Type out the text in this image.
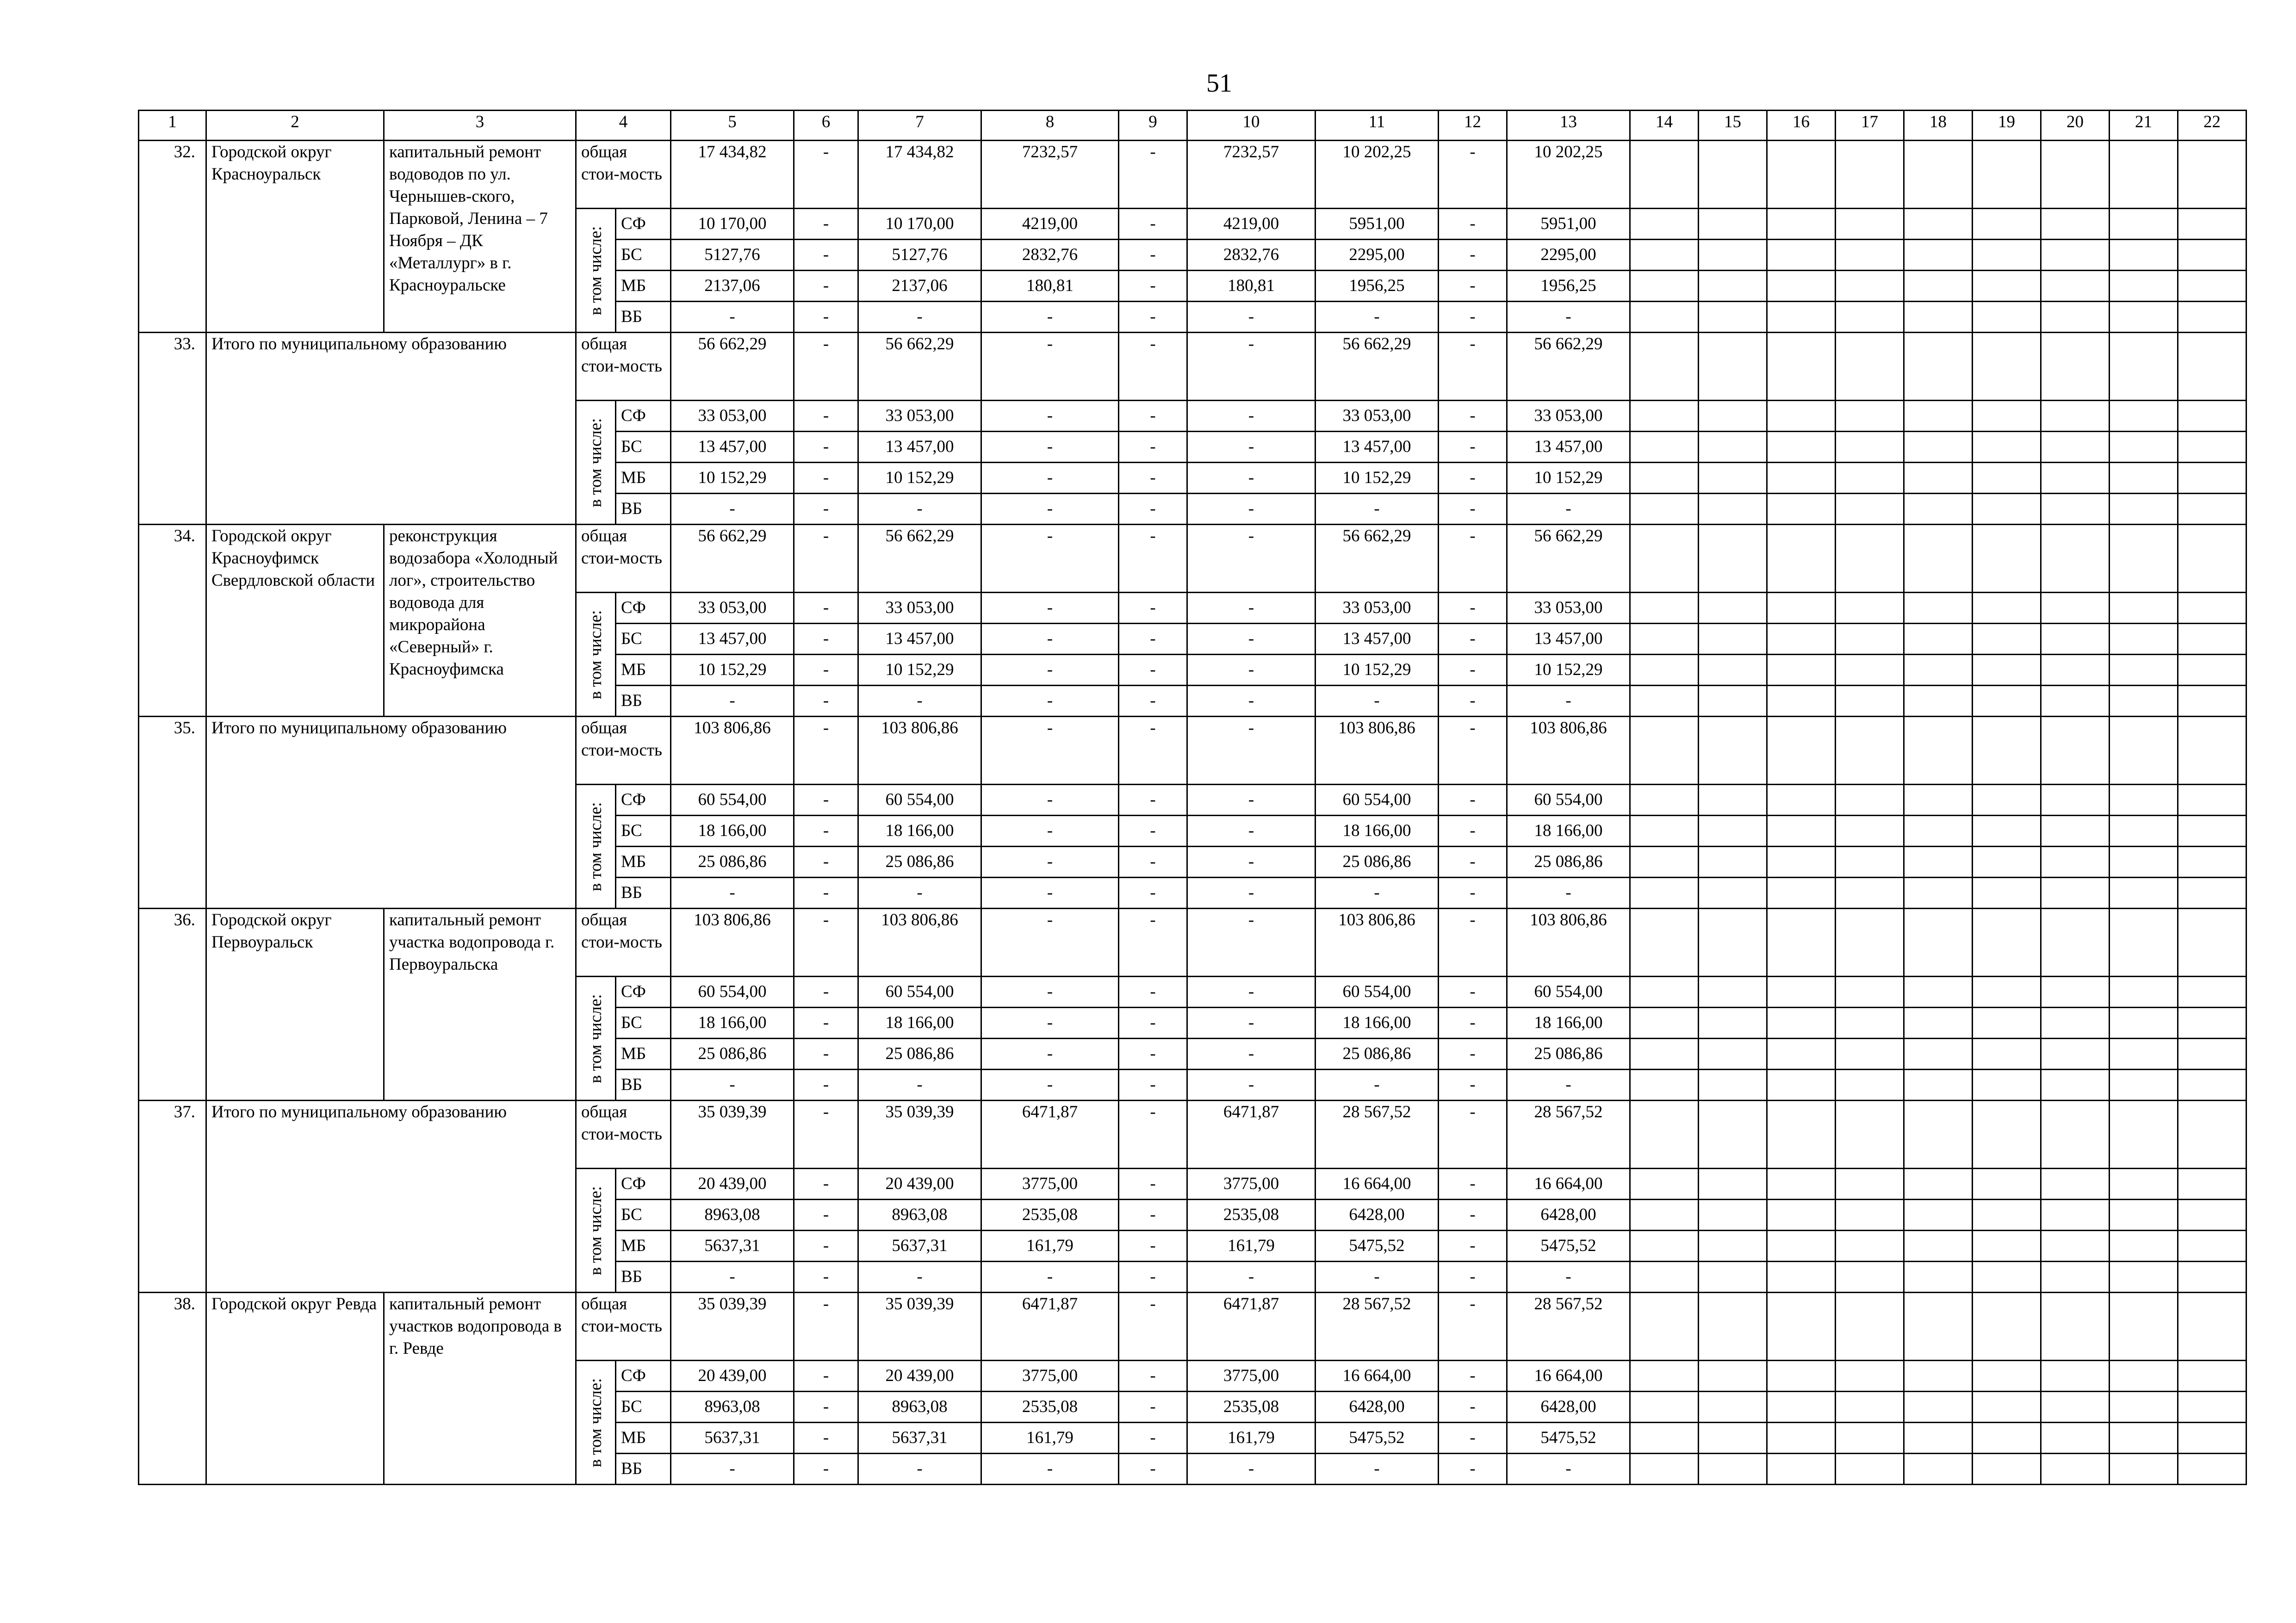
51
1	2	3	4		5	6	7	8	9	10	11	12	13	14	15	16	17	18	19	20	21	22
32.	Городской округ Красноуральск	капитальный ремонт водоводов по ул. Чернышев-ского, Парковой, Ленина – 7 Ноября – ДК «Металлург» в г. Красноуральске	общая стои-мость		17 434,82	-	17 434,82	7232,57	-	7232,57	10 202,25	-	10 202,25									

			в том числе:	СФ	10 170,00	-	10 170,00	4219,00	-	4219,00	5951,00	-	5951,00									
				БС	5127,76	-	5127,76	2832,76	-	2832,76	2295,00	-	2295,00									
				МБ	2137,06	-	2137,06	180,81	-	180,81	1956,25	-	1956,25									
				ВБ	-	-	-	-	-	-	-	-	-									
33.	Итого по муниципальному образованию		общая стои-мость		56 662,29	-	56 662,29	-	-	-	56 662,29	-	56 662,29									

			в том числе:	СФ	33 053,00	-	33 053,00	-	-	-	33 053,00	-	33 053,00									
				БС	13 457,00	-	13 457,00	-	-	-	13 457,00	-	13 457,00									
				МБ	10 152,29	-	10 152,29	-	-	-	10 152,29	-	10 152,29									
				ВБ	-	-	-	-	-	-	-	-	-									
34.	Городской округ Красноуфимск Свердловской области	реконструкция водозабора «Холодный лог», строительство водовода для микрорайона «Северный» г. Красноуфимска	общая стои-мость		56 662,29	-	56 662,29	-	-	-	56 662,29	-	56 662,29									

			в том числе:	СФ	33 053,00	-	33 053,00	-	-	-	33 053,00	-	33 053,00									
				БС	13 457,00	-	13 457,00	-	-	-	13 457,00	-	13 457,00									
				МБ	10 152,29	-	10 152,29	-	-	-	10 152,29	-	10 152,29									
				ВБ	-	-	-	-	-	-	-	-	-									
35.	Итого по муниципальному образованию		общая стои-мость		103 806,86	-	103 806,86	-	-	-	103 806,86	-	103 806,86									

			в том числе:	СФ	60 554,00	-	60 554,00	-	-	-	60 554,00	-	60 554,00									
				БС	18 166,00	-	18 166,00	-	-	-	18 166,00	-	18 166,00									
				МБ	25 086,86	-	25 086,86	-	-	-	25 086,86	-	25 086,86									
				ВБ	-	-	-	-	-	-	-	-	-									
36.	Городской округ Первоуральск	капитальный ремонт участка водопровода г. Первоуральска	общая стои-мость		103 806,86	-	103 806,86	-	-	-	103 806,86	-	103 806,86									

			в том числе:	СФ	60 554,00	-	60 554,00	-	-	-	60 554,00	-	60 554,00									
				БС	18 166,00	-	18 166,00	-	-	-	18 166,00	-	18 166,00									
				МБ	25 086,86	-	25 086,86	-	-	-	25 086,86	-	25 086,86									
				ВБ	-	-	-	-	-	-	-	-	-									
37.	Итого по муниципальному образованию		общая стои-мость		35 039,39	-	35 039,39	6471,87	-	6471,87	28 567,52	-	28 567,52									

			в том числе:	СФ	20 439,00	-	20 439,00	3775,00	-	3775,00	16 664,00	-	16 664,00									
				БС	8963,08	-	8963,08	2535,08	-	2535,08	6428,00	-	6428,00									
				МБ	5637,31	-	5637,31	161,79	-	161,79	5475,52	-	5475,52									
				ВБ	-	-	-	-	-	-	-	-	-									
38.	Городской округ Ревда	капитальный ремонт участков водопровода в г. Ревде	общая стои-мость		35 039,39	-	35 039,39	6471,87	-	6471,87	28 567,52	-	28 567,52									

			в том числе:	СФ	20 439,00	-	20 439,00	3775,00	-	3775,00	16 664,00	-	16 664,00									
				БС	8963,08	-	8963,08	2535,08	-	2535,08	6428,00	-	6428,00									
				МБ	5637,31	-	5637,31	161,79	-	161,79	5475,52	-	5475,52									
				ВБ	-	-	-	-	-	-	-	-	-									
